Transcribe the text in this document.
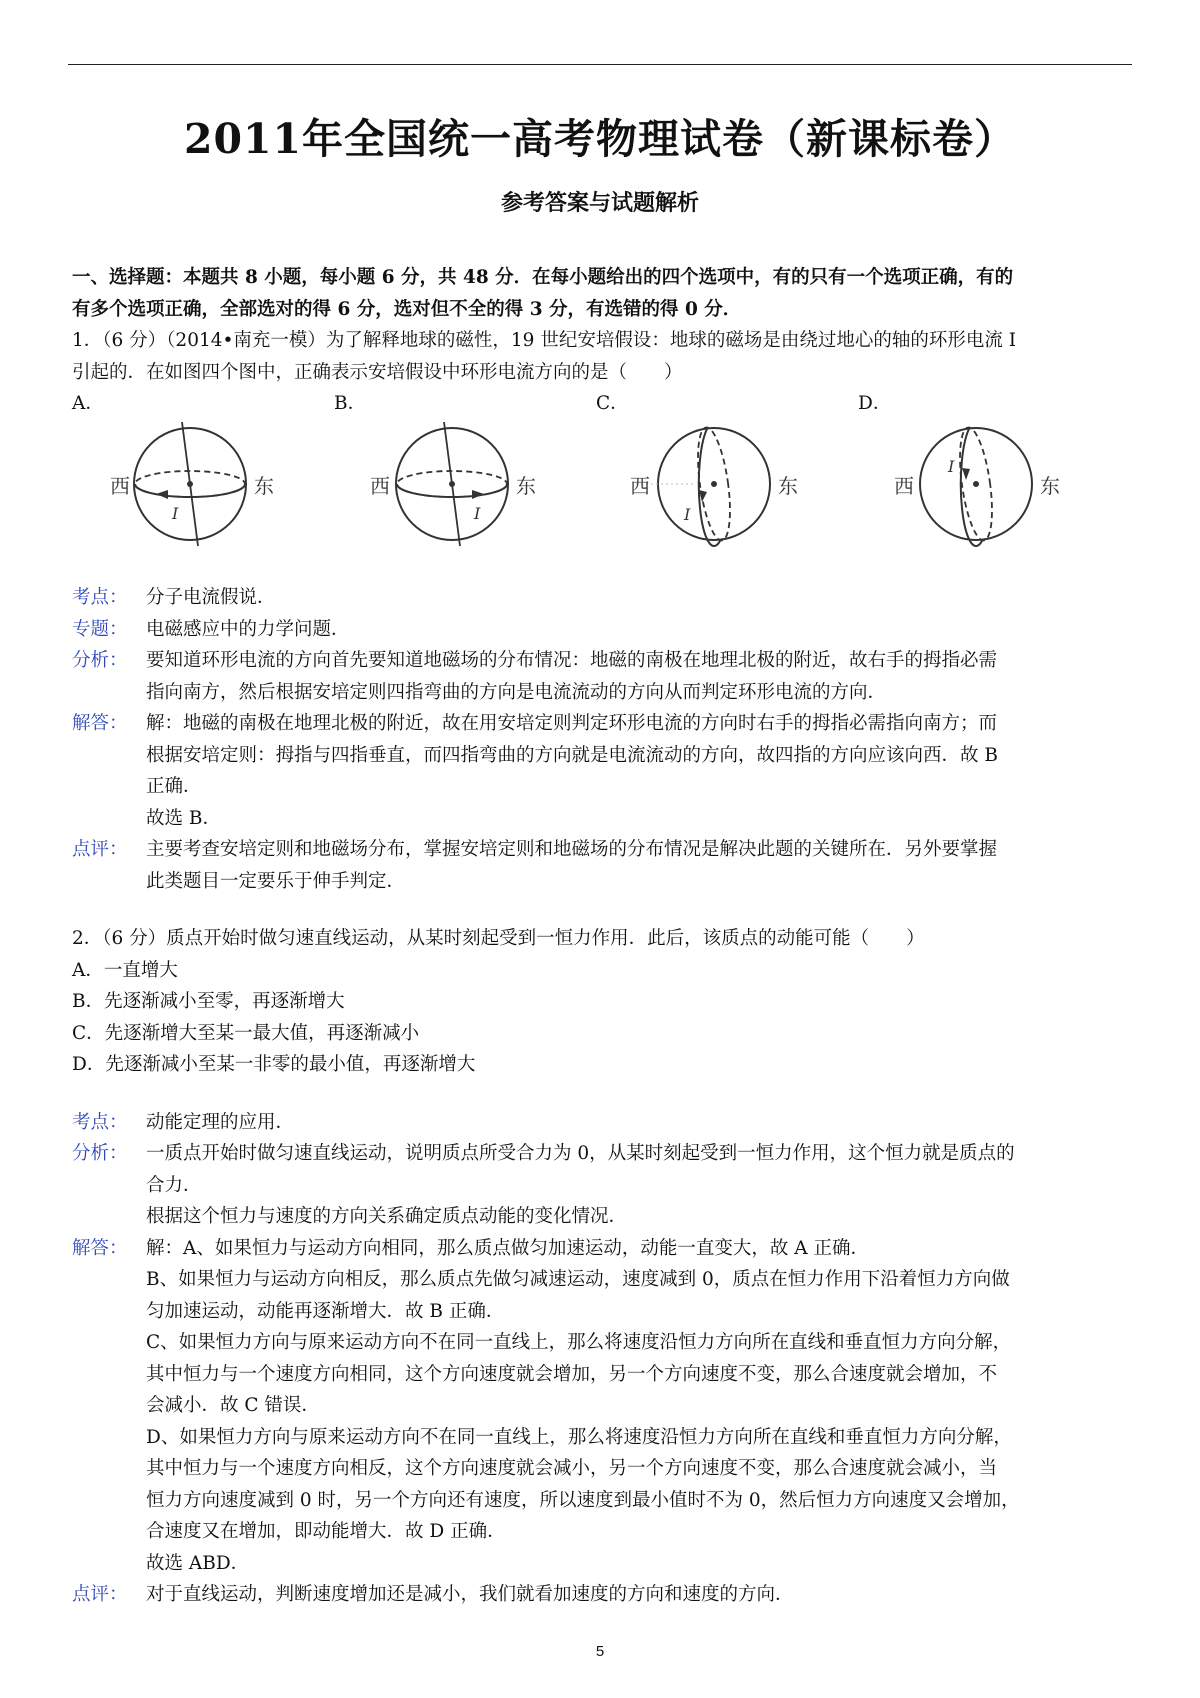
2011年全国统一高考物理试卷（新课标卷）
参考答案与试题解析

一、选择题：本题共 8 小题，每小题 6 分，共 48 分．在每小题给出的四个选项中，有的只有一个选项正确，有的

有多个选项正确，全部选对的得 6 分，选对但不全的得 3 分，有选错的得 0 分．

1．（6 分）（2014•南充一模）为了解释地球的磁性，19 世纪安培假设：地球的磁场是由绕过地心的轴的环形电流 I

引起的．在如图四个图中，正确表示安培假设中环形电流方向的是（　　）

A．	B．	C．	D．
西	东
I
西	东
I
西	东
I
西	东
I
考点： 分子电流假说．
专题： 电磁感应中的力学问题．
分析： 要知道环形电流的方向首先要知道地磁场的分布情况：地磁的南极在地理北极的附近，故右手的拇指必需
指向南方，然后根据安培定则四指弯曲的方向是电流流动的方向从而判定环形电流的方向．
解答： 解：地磁的南极在地理北极的附近，故在用安培定则判定环形电流的方向时右手的拇指必需指向南方；而
根据安培定则：拇指与四指垂直，而四指弯曲的方向就是电流流动的方向，故四指的方向应该向西．故 B
正确．
故选 B．
点评： 主要考查安培定则和地磁场分布，掌握安培定则和地磁场的分布情况是解决此题的关键所在．另外要掌握
此类题目一定要乐于伸手判定．

2．（6 分）质点开始时做匀速直线运动，从某时刻起受到一恒力作用．此后，该质点的动能可能（　　）

A．一直增大

B．先逐渐减小至零，再逐渐增大

C．先逐渐增大至某一最大值，再逐渐减小

D．先逐渐减小至某一非零的最小值，再逐渐增大

考点： 动能定理的应用．
分析： 一质点开始时做匀速直线运动，说明质点所受合力为 0，从某时刻起受到一恒力作用，这个恒力就是质点的
合力．
根据这个恒力与速度的方向关系确定质点动能的变化情况．
解答： 解：A、如果恒力与运动方向相同，那么质点做匀加速运动，动能一直变大，故 A 正确．
B、如果恒力与运动方向相反，那么质点先做匀减速运动，速度减到 0，质点在恒力作用下沿着恒力方向做
匀加速运动，动能再逐渐增大．故 B 正确．
C、如果恒力方向与原来运动方向不在同一直线上，那么将速度沿恒力方向所在直线和垂直恒力方向分解，
其中恒力与一个速度方向相同，这个方向速度就会增加，另一个方向速度不变，那么合速度就会增加，不
会减小．故 C 错误．
D、如果恒力方向与原来运动方向不在同一直线上，那么将速度沿恒力方向所在直线和垂直恒力方向分解，
其中恒力与一个速度方向相反，这个方向速度就会减小，另一个方向速度不变，那么合速度就会减小，当
恒力方向速度减到 0 时，另一个方向还有速度，所以速度到最小值时不为 0，然后恒力方向速度又会增加，
合速度又在增加，即动能增大．故 D 正确．
故选 ABD．
点评： 对于直线运动，判断速度增加还是减小，我们就看加速度的方向和速度的方向．
5
